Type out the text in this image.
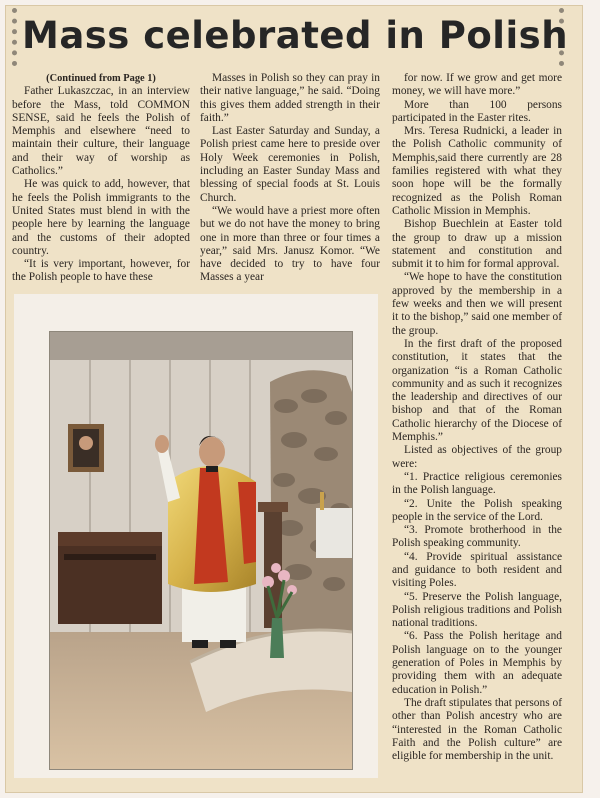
Mass celebrated in Polish

(Continued from Page 1)

Father Lukaszczac, in an interview before the Mass, told COMMON SENSE, said he feels the Polish of Memphis and elsewhere “need to maintain their culture, their language and their way of worship as Catholics.”

He was quick to add, however, that he feels the Polish immigrants to the United States must blend in with the people here by learning the language and the customs of their adopted country.

“It is very important, however, for the Polish people to have these

Masses in Polish so they can pray in their native language,” he said. “Doing this gives them added strength in their faith.”

Last Easter Saturday and Sunday, a Polish priest came here to preside over Holy Week ceremonies in Polish, including an Easter Sunday Mass and blessing of special foods at St. Louis Church.

“We would have a priest more often but we do not have the money to bring one in more than three or four times a year,” said Mrs. Janusz Komor. “We have decided to try to have four Masses a year

for now. If we grow and get more money, we will have more.”

More than 100 persons participated in the Easter rites.

Mrs. Teresa Rudnicki, a leader in the Polish Catholic community of Memphis,said there currently are 28 families registered with what they soon hope will be the formally recognized as the Polish Roman Catholic Mission in Memphis.

Bishop Buechlein at Easter told the group to draw up a mission statement and constitution and submit it to him for formal approval.

“We hope to have the constitution approved by the membership in a few weeks and then we will present it to the bishop,” said one member of the group.

In the first draft of the proposed constitution, it states that the organization “is a Roman Catholic community and as such it recognizes the leadership and directives of our bishop and that of the Roman Catholic hierarchy of the Diocese of Memphis.”

Listed as objectives of the group were:

“1. Practice religious ceremonies in the Polish language.

“2. Unite the Polish speaking people in the service of the Lord.

“3. Promote brotherhood in the Polish speaking community.

“4. Provide spiritual assistance and guidance to both resident and visiting Poles.

“5. Preserve the Polish language, Polish religious traditions and Polish national traditions.

“6. Pass the Polish heritage and Polish language on to the younger generation of Poles in Memphis by providing them with an adequate education in Polish.”

The draft stipulates that persons of other than Polish ancestry who are “interested in the Roman Catholic Faith and the Polish culture” are eligible for membership in the unit.
